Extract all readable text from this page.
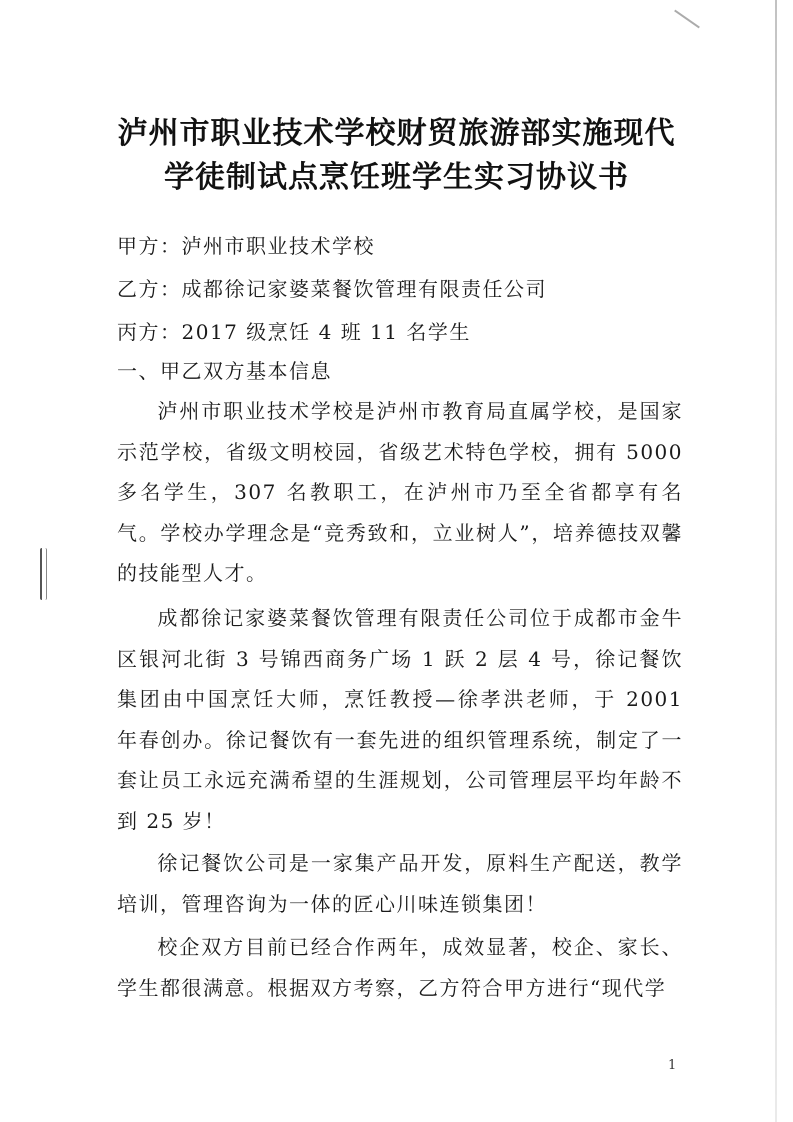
泸州市职业技术学校财贸旅游部实施现代
学徒制试点烹饪班学生实习协议书
甲方：泸州市职业技术学校
乙方：成都徐记家婆菜餐饮管理有限责任公司
丙方：2017 级烹饪 4 班 11 名学生
一、甲乙双方基本信息

泸州市职业技术学校是泸州市教育局直属学校，是国家示范学校，省级文明校园，省级艺术特色学校，拥有 5000 多名学生，307 名教职工，在泸州市乃至全省都享有名气。学校办学理念是“竞秀致和，立业树人”，培养德技双馨的技能型人才。

成都徐记家婆菜餐饮管理有限责任公司位于成都市金牛区银河北街 3 号锦西商务广场 1 跃 2 层 4 号，徐记餐饮集团由中国烹饪大师，烹饪教授—徐孝洪老师，于 2001 年春创办。徐记餐饮有一套先进的组织管理系统，制定了一套让员工永远充满希望的生涯规划，公司管理层平均年龄不到 25 岁！

徐记餐饮公司是一家集产品开发，原料生产配送，教学培训，管理咨询为一体的匠心川味连锁集团！

校企双方目前已经合作两年，成效显著，校企、家长、学生都很满意。根据双方考察，乙方符合甲方进行“现代学

1
